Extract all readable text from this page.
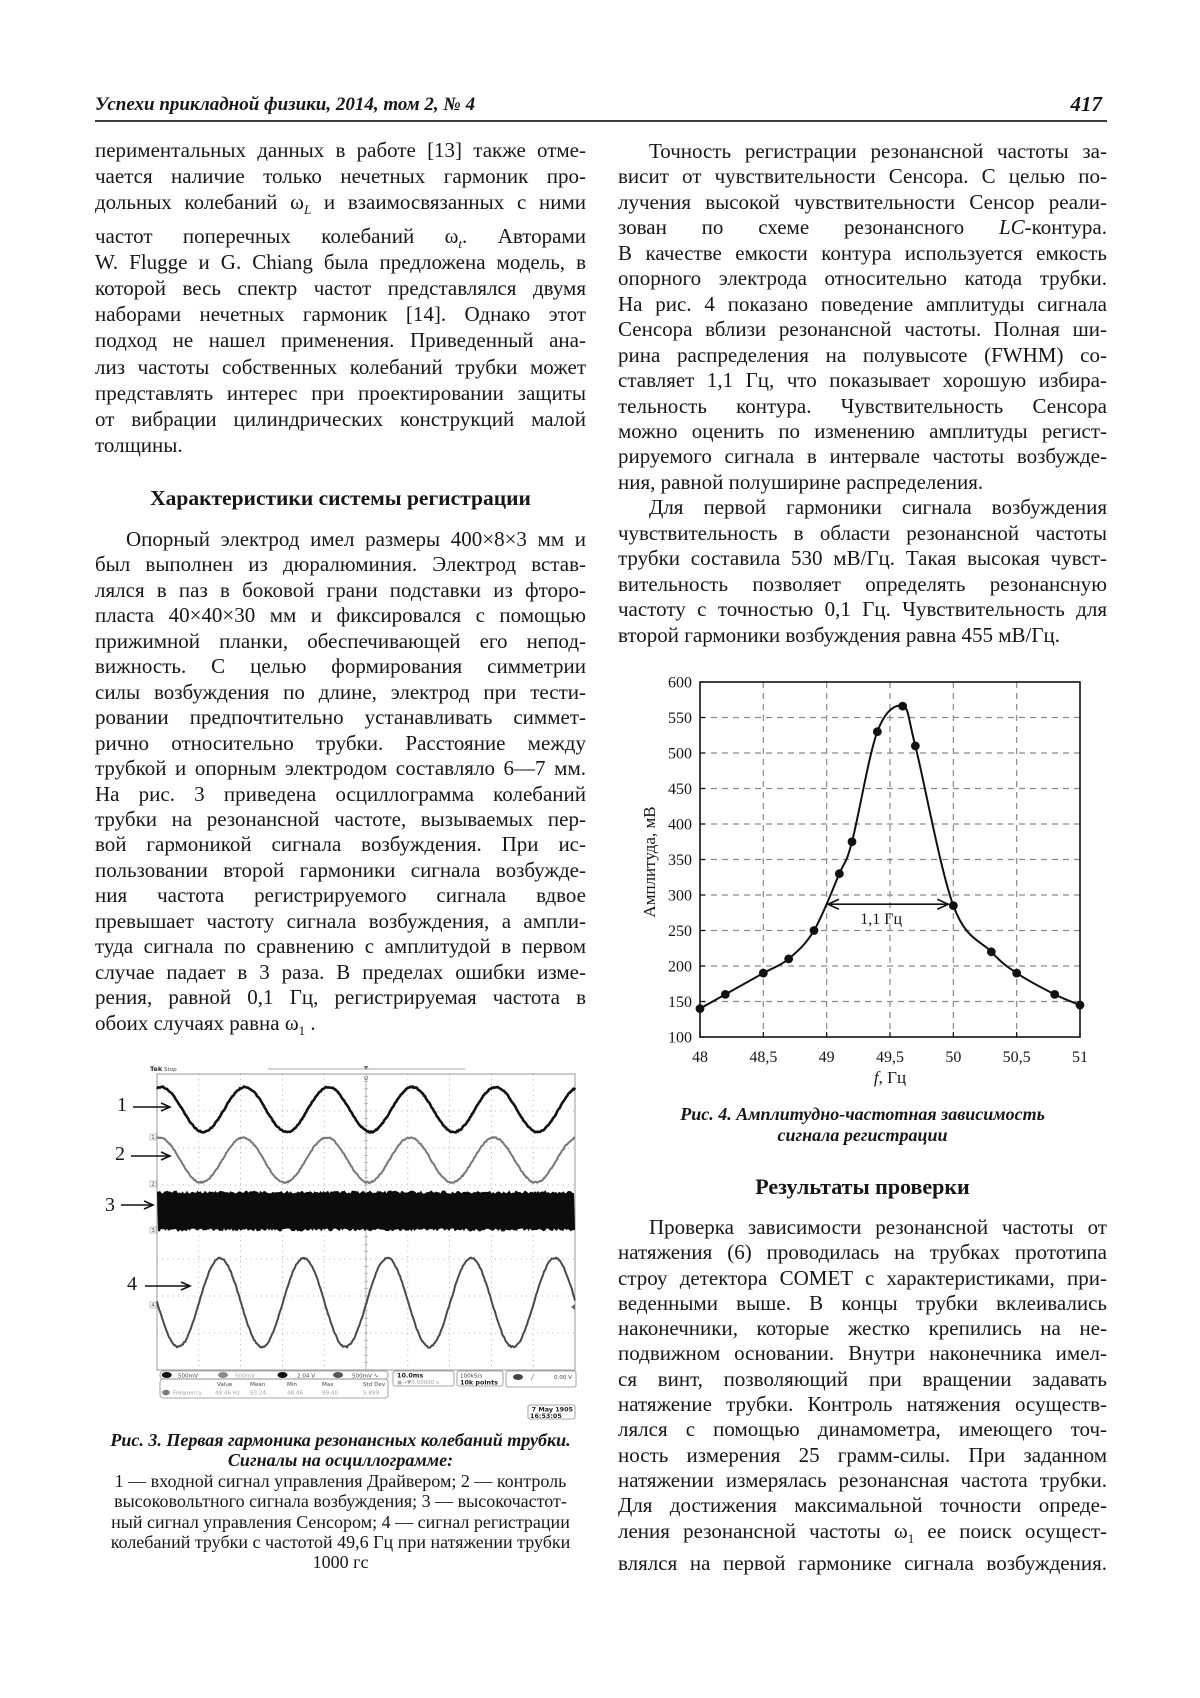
Успехи прикладной физики, 2014, том 2, № 4	417
периментальных данных в работе [13] также отме-
чается наличие только нечетных гармоник про-
дольных колебаний $\omega_L$ и взаимосвязанных с ними
частот поперечных колебаний $\omega_t$. Авторами
W. Flugge и G. Chiang была предложена модель, в
которой весь спектр частот представлялся двумя
наборами нечетных гармоник [14]. Однако этот
подход не нашел применения. Приведенный ана-
лиз частоты собственных колебаний трубки может
представлять интерес при проектировании защиты
от вибрации цилиндрических конструкций малой
толщины.
Характеристики системы регистрации
Опорный электрод имел размеры 400×8×3 мм и
был выполнен из дюралюминия. Электрод встав-
лялся в паз в боковой грани подставки из фторо-
пласта 40×40×30 мм и фиксировался с помощью
прижимной планки, обеспечивающей его непод-
вижность. С целью формирования симметрии
силы возбуждения по длине, электрод при тести-
ровании предпочтительно устанавливать симмет-
рично относительно трубки. Расстояние между
трубкой и опорным электродом составляло 6—7 мм.
На рис. 3 приведена осциллограмма колебаний
трубки на резонансной частоте, вызываемых пер-
вой гармоникой сигнала возбуждения. При ис-
пользовании второй гармоники сигнала возбужде-
ния частота регистрируемого сигнала вдвое
превышает частоту сигнала возбуждения, а ампли-
туда сигнала по сравнению с амплитудой в первом
случае падает в 3 раза. В пределах ошибки изме-
рения, равной 0,1 Гц, регистрируемая частота в
обоих случаях равна $\omega_1$ .
Tek Stop
U
1
2
3
4
1
2
3
4
500mV	500mV	2.04 V	500mV ∿
Value	Mean	Min	Max	Std Dev
2 Frequency 49.46 Hz 53.24	48.46	99.40	5.899
10.0ms
▣→▼0.00000 s
100kS/s
10k points
4 ╱	0.00 V
7 May 1905
16:53:05
Рис. 3. Первая гармоника резонансных колебаний трубки.
Сигналы на осциллограмме:
1 — входной сигнал управления Драйвером; 2 — контроль
высоковольтного сигнала возбуждения; 3 — высокочастот-
ный сигнал управления Сенсором; 4 — сигнал регистрации
колебаний трубки с частотой 49,6 Гц при натяжении трубки
1000 гс
Точность регистрации резонансной частоты за-
висит от чувствительности Сенсора. С целью по-
лучения высокой чувствительности Сенсор реали-
зован по схеме резонансного LC-контура.
В качестве емкости контура используется емкость
опорного электрода относительно катода трубки.
На рис. 4 показано поведение амплитуды сигнала
Сенсора вблизи резонансной частоты. Полная ши-
рина распределения на полувысоте (FWHM) со-
ставляет 1,1 Гц, что показывает хорошую избира-
тельность контура. Чувствительность Сенсора
можно оценить по изменению амплитуды регист-
рируемого сигнала в интервале частоты возбужде-
ния, равной полуширине распределения.
Для первой гармоники сигнала возбуждения
чувствительность в области резонансной частоты
трубки составила 530 мВ/Гц. Такая высокая чувст-
вительность позволяет определять резонансную
частоту с точностью 0,1 Гц. Чувствительность для
второй гармоники возбуждения равна 455 мВ/Гц.
48	48,5	49	49,5	50	50,5	51
100
150
200
250
300
350
400
450
500
550
600
1,1 Гц
Амплитуда, мВ
f, Гц
Рис. 4. Амплитудно-частотная зависимость
сигнала регистрации
Результаты проверки
Проверка зависимости резонансной частоты от
натяжения (6) проводилась на трубках прототипа
строу детектора COMET с характеристиками, при-
веденными выше. В концы трубки вклеивались
наконечники, которые жестко крепились на не-
подвижном основании. Внутри наконечника имел-
ся винт, позволяющий при вращении задавать
натяжение трубки. Контроль натяжения осуществ-
лялся с помощью динамометра, имеющего точ-
ность измерения 25 грамм-силы. При заданном
натяжении измерялась резонансная частота трубки.
Для достижения максимальной точности опреде-
ления резонансной частоты $\omega_1$ ее поиск осущест-
влялся на первой гармонике сигнала возбуждения.
